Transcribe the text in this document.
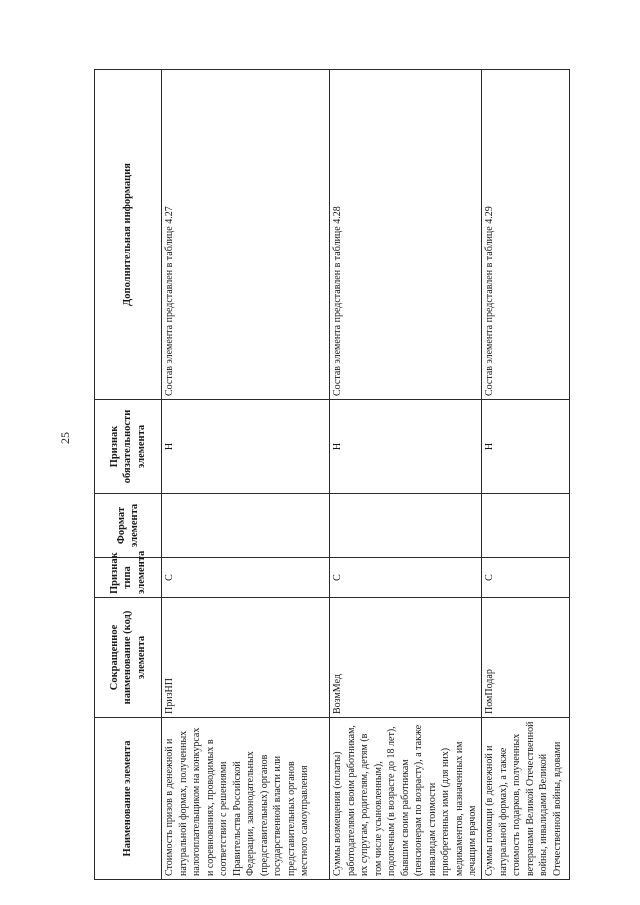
25
Наименование элемента	Сокращенное наименование (код) элемента	Признак типа элемента	Формат элемента	Признак обязательности элемента	Дополнительная информация
Стоимость призов в денежной и натуральной формах, полученных налогоплательщиком на конкурсах и соревнованиях, проводимых в соответствии с решениями Правительства Российской Федерации, законодательных (представительных) органов государственной власти или представительных органов местного самоуправления	ПризНП	С		Н	Состав элемента представлен в таблице 4.27
Суммы возмещения (оплаты) работодателями своим работникам, их супругам, родителям, детям (в том числе усыновленным), подопечным (в возрасте до 18 лет), бывшим своим работникам (пенсионерам по возрасту), а также инвалидам стоимости приобретенных ими (для них) медикаментов, назначенных им лечащим врачом	ВозмМед	С		Н	Состав элемента представлен в таблице 4.28
Суммы помощи (в денежной и натуральной формах), а также стоимость подарков, полученных ветеранами Великой Отечественной войны, инвалидами Великой Отечественной войны, вдовами	ПомПодар	С		Н	Состав элемента представлен в таблице 4.29
